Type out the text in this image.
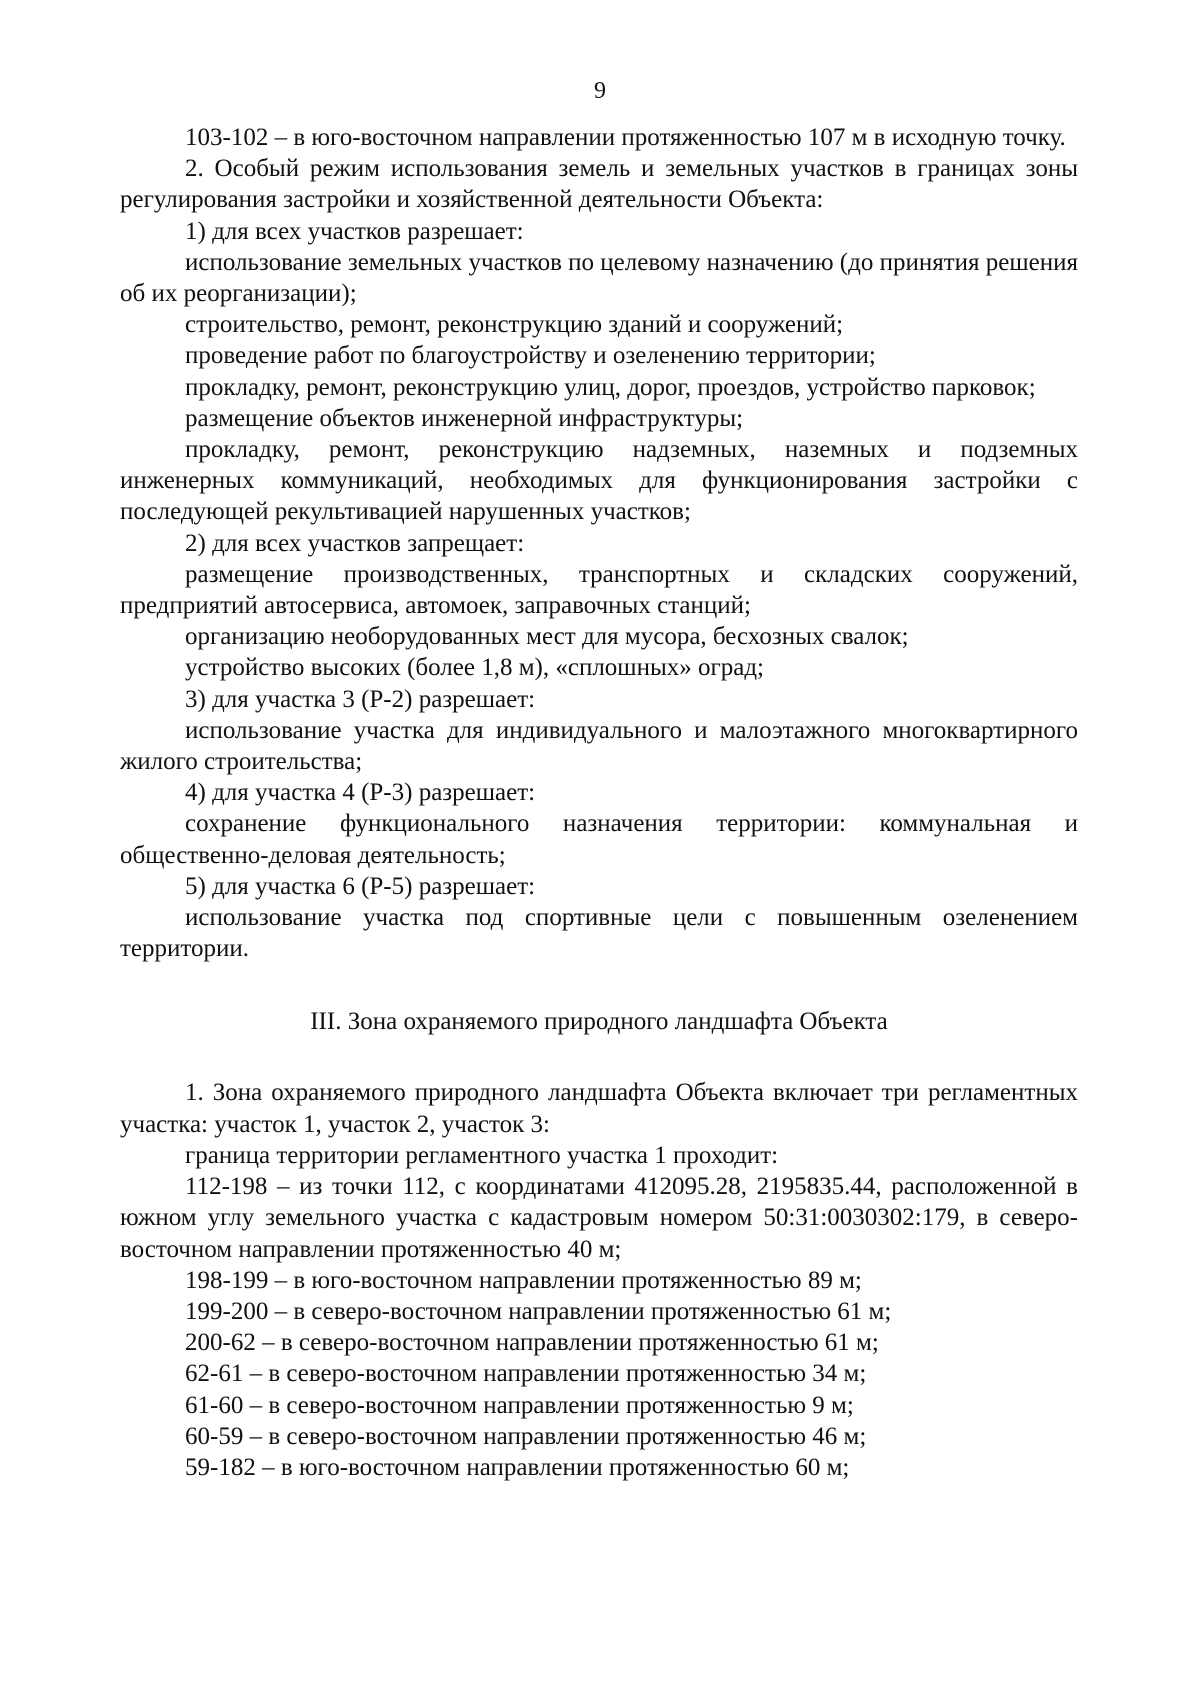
9

103-102 – в юго-восточном направлении протяженностью 107 м в исходную точку.

2. Особый режим использования земель и земельных участков в границах зоны регулирования застройки и хозяйственной деятельности Объекта:

1) для всех участков разрешает:

использование земельных участков по целевому назначению (до принятия решения об их реорганизации);

строительство, ремонт, реконструкцию зданий и сооружений;

проведение работ по благоустройству и озеленению территории;

прокладку, ремонт, реконструкцию улиц, дорог, проездов, устройство парковок;

размещение объектов инженерной инфраструктуры;

прокладку, ремонт, реконструкцию надземных, наземных и подземных инженерных коммуникаций, необходимых для функционирования застройки с последующей рекультивацией нарушенных участков;

2) для всех участков запрещает:

размещение производственных, транспортных и складских сооружений, предприятий автосервиса, автомоек, заправочных станций;

организацию необорудованных мест для мусора, бесхозных свалок;

устройство высоких (более 1,8 м), «сплошных» оград;

3) для участка 3 (Р-2) разрешает:

использование участка для индивидуального и малоэтажного многоквартирного жилого строительства;

4) для участка 4 (Р-3) разрешает:

сохранение функционального назначения территории: коммунальная и общественно-деловая деятельность;

5) для участка 6 (Р-5) разрешает:

использование участка под спортивные цели с повышенным озеленением территории.

III. Зона охраняемого природного ландшафта Объекта

1. Зона охраняемого природного ландшафта Объекта включает три регламентных участка: участок 1, участок 2, участок 3:

граница территории регламентного участка 1 проходит:

112-198 – из точки 112, с координатами 412095.28, 2195835.44, расположенной в южном углу земельного участка с кадастровым номером 50:31:0030302:179, в северо-восточном направлении протяженностью 40 м;

198-199 – в юго-восточном направлении протяженностью 89 м;

199-200 – в северо-восточном направлении протяженностью 61 м;

200-62 – в северо-восточном направлении протяженностью 61 м;

62-61 – в северо-восточном направлении протяженностью 34 м;

61-60 – в северо-восточном направлении протяженностью 9 м;

60-59 – в северо-восточном направлении протяженностью 46 м;

59-182 – в юго-восточном направлении протяженностью 60 м;
